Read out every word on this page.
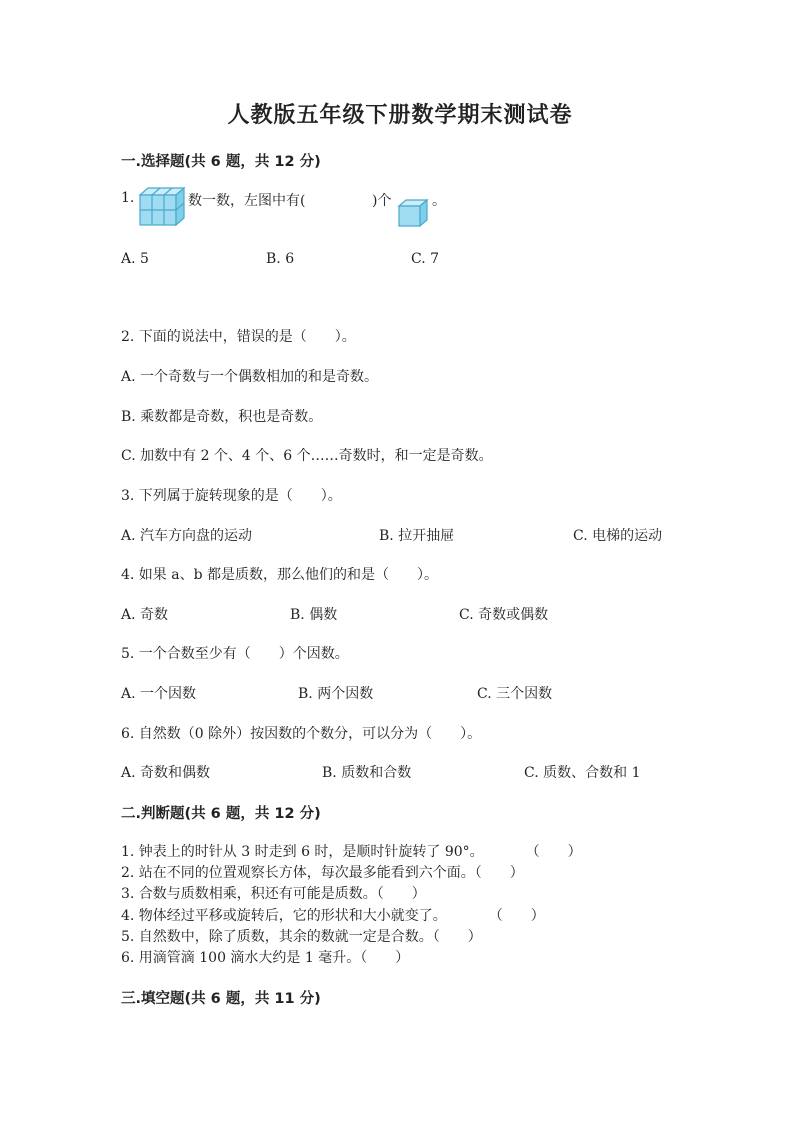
人教版五年级下册数学期末测试卷
一.选择题(共 6 题，共 12 分)
1.	数一数，左图中有(	)个	。
A. 5	B. 6	C. 7
2. 下面的说法中，错误的是（　　）。
A. 一个奇数与一个偶数相加的和是奇数。
B. 乘数都是奇数，积也是奇数。
C. 加数中有 2 个、4 个、6 个……奇数时，和一定是奇数。
3. 下列属于旋转现象的是（　　）。
A. 汽车方向盘的运动	B. 拉开抽屉	C. 电梯的运动
4. 如果 a、b 都是质数，那么他们的和是（　　）。
A. 奇数	B. 偶数	C. 奇数或偶数
5. 一个合数至少有（　　）个因数。
A. 一个因数	B. 两个因数	C. 三个因数
6. 自然数（0 除外）按因数的个数分，可以分为（　　）。
A. 奇数和偶数	B. 质数和合数	C. 质数、合数和 1
二.判断题(共 6 题，共 12 分)
1. 钟表上的时针从 3 时走到 6 时，是顺时针旋转了 90°。　　　　（　　）
2. 站在不同的位置观察长方体，每次最多能看到六个面。（　　）
3. 合数与质数相乘，积还有可能是质数。（　　）
4. 物体经过平移或旋转后，它的形状和大小就变了。　　　　（　　）
5. 自然数中，除了质数，其余的数就一定是合数。（　　）
6. 用滴管滴 100 滴水大约是 1 毫升。（　　）
三.填空题(共 6 题，共 11 分)
